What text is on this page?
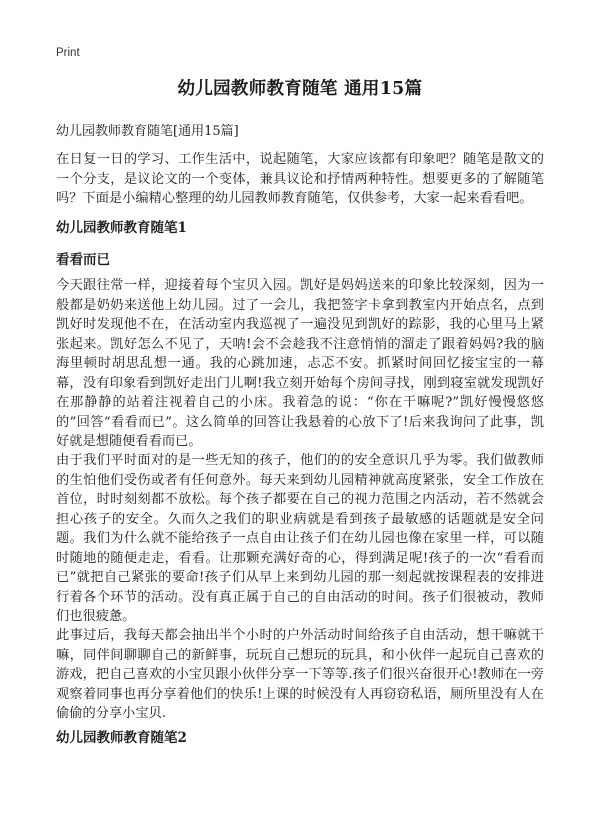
Print
幼儿园教师教育随笔 通用15篇

幼儿园教师教育随笔[通用15篇]

在日复一日的学习、工作生活中，说起随笔，大家应该都有印象吧？随笔是散文的一个分支，是议论文的一个变体，兼具议论和抒情两种特性。想要更多的了解随笔吗？下面是小编精心整理的幼儿园教师教育随笔，仅供参考，大家一起来看看吧。

幼儿园教师教育随笔1
看看而已

今天跟往常一样，迎接着每个宝贝入园。凯好是妈妈送来的印象比较深刻，因为一般都是奶奶来送他上幼儿园。过了一会儿，我把签字卡拿到教室内开始点名，点到凯好时发现他不在，在活动室内我巡视了一遍没见到凯好的踪影，我的心里马上紧张起来。凯好怎么不见了，天呐!会不会趁我不注意悄悄的溜走了跟着妈妈?我的脑海里顿时胡思乱想一通。我的心跳加速，忐忑不安。抓紧时间回忆接宝宝的一幕幕，没有印象看到凯好走出门儿啊!我立刻开始每个房间寻找，刚到寝室就发现凯好在那静静的站着注视着自己的小床。我着急的说：“你在干嘛呢?”凯好慢慢悠悠的”回答“看看而已”。这么简单的回答让我悬着的心放下了!后来我询问了此事，凯好就是想随便看看而已。

由于我们平时面对的是一些无知的孩子，他们的的安全意识几乎为零。我们做教师的生怕他们受伤或者有任何意外。每天来到幼儿园精神就高度紧张，安全工作放在首位，时时刻刻都不放松。每个孩子都要在自己的视力范围之内活动，若不然就会担心孩子的安全。久而久之我们的职业病就是看到孩子最敏感的话题就是安全问题。我们为什么就不能给孩子一点自由让孩子们在幼儿园也像在家里一样，可以随时随地的随便走走，看看。让那颗充满好奇的心，得到满足呢!孩子的一次“看看而已”就把自己紧张的要命!孩子们从早上来到幼儿园的那一刻起就按课程表的安排进行着各个环节的活动。没有真正属于自己的自由活动的时间。孩子们很被动，教师们也很疲惫。

此事过后，我每天都会抽出半个小时的户外活动时间给孩子自由活动，想干嘛就干嘛，同伴间聊聊自己的新鲜事，玩玩自己想玩的玩具，和小伙伴一起玩自己喜欢的游戏，把自己喜欢的小宝贝跟小伙伴分享一下等等.孩子们很兴奋很开心!教师在一旁观察着同事也再分享着他们的快乐!上课的时候没有人再窃窃私语，厕所里没有人在偷偷的分享小宝贝.

幼儿园教师教育随笔2
